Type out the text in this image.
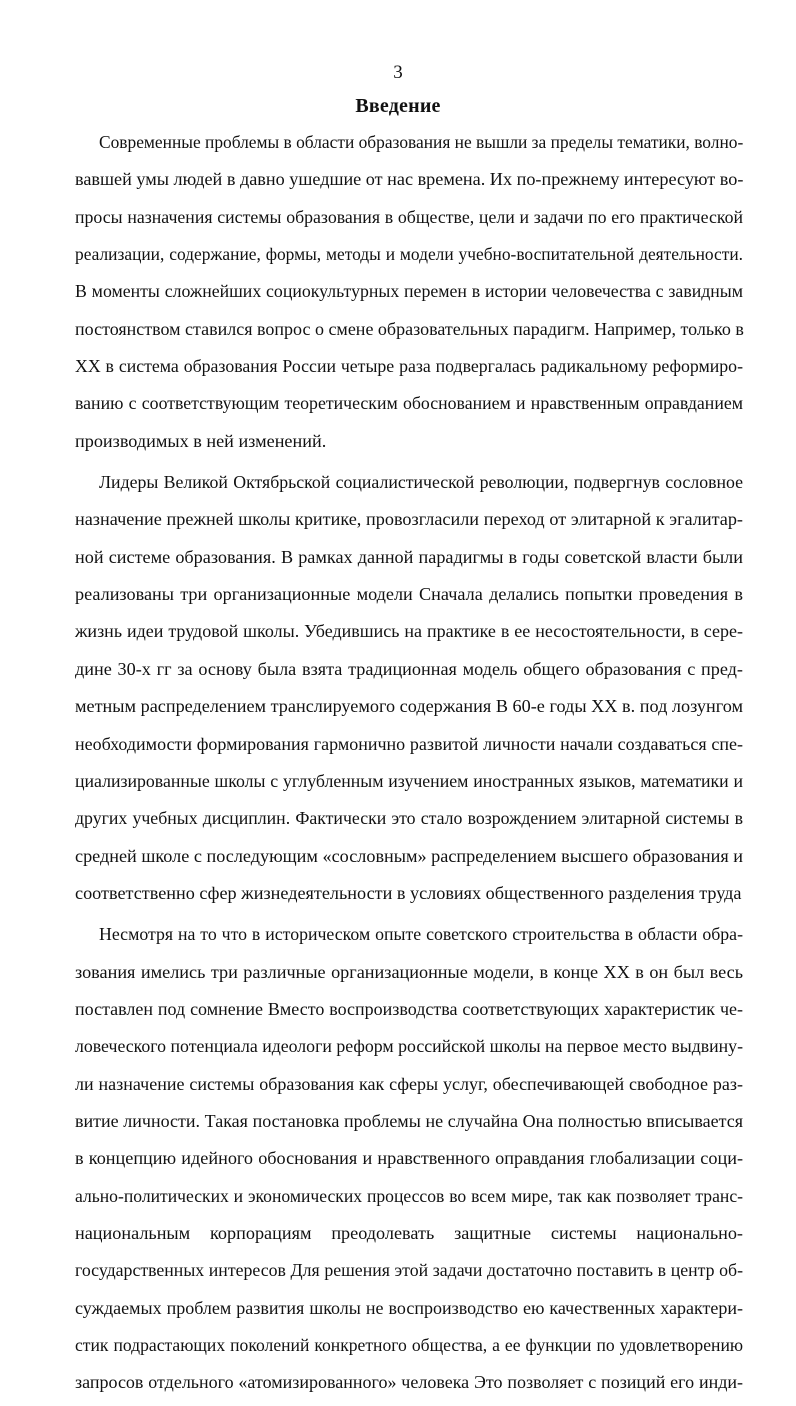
3
Введение
Современные проблемы в области образования не вышли за пределы тематики, волно-
вавшей умы людей в давно ушедшие от нас времена. Их по-прежнему интересуют во-
просы назначения системы образования в обществе, цели и задачи по его практической
реализации, содержание, формы, методы и модели учебно-воспитательной деятельности.
В моменты сложнейших социокультурных перемен в истории человечества с завидным
постоянством ставился вопрос о смене образовательных парадигм. Например, только в
XX в система образования России четыре раза подвергалась радикальному реформиро-
ванию с соответствующим теоретическим обоснованием и нравственным оправданием
производимых в ней изменений.
Лидеры Великой Октябрьской социалистической революции, подвергнув сословное
назначение прежней школы критике, провозгласили переход от элитарной к эгалитар-
ной системе образования. В рамках данной парадигмы в годы советской власти были
реализованы три организационные модели Сначала делались попытки проведения в
жизнь идеи трудовой школы. Убедившись на практике в ее несостоятельности, в сере-
дине 30-х гг за основу была взята традиционная модель общего образования с пред-
метным распределением транслируемого содержания В 60-е годы XX в. под лозунгом
необходимости формирования гармонично развитой личности начали создаваться спе-
циализированные школы с углубленным изучением иностранных языков, математики и
других учебных дисциплин. Фактически это стало возрождением элитарной системы в
средней школе с последующим «сословным» распределением высшего образования и
соответственно сфер жизнедеятельности в условиях общественного разделения труда
Несмотря на то что в историческом опыте советского строительства в области обра-
зования имелись три различные организационные модели, в конце XX в он был весь
поставлен под сомнение Вместо воспроизводства соответствующих характеристик че-
ловеческого потенциала идеологи реформ российской школы на первое место выдвину-
ли назначение системы образования как сферы услуг, обеспечивающей свободное раз-
витие личности. Такая постановка проблемы не случайна Она полностью вписывается
в концепцию идейного обоснования и нравственного оправдания глобализации соци-
ально-политических и экономических процессов во всем мире, так как позволяет транс-
национальным корпорациям преодолевать защитные системы национально-
государственных интересов Для решения этой задачи достаточно поставить в центр об-
суждаемых проблем развития школы не воспроизводство ею качественных характери-
стик подрастающих поколений конкретного общества, а ее функции по удовлетворению
запросов отдельного «атомизированного» человека Это позволяет с позиций его инди-
